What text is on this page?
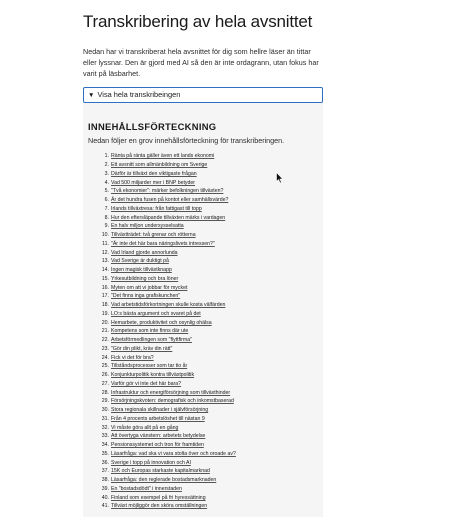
Transkribering av hela avsnittet

Nedan har vi transkriberat hela avsnittet för dig som hellre läser än tittar eller lyssnar. Den är gjord med AI så den är inte ordagrann, utan fokus har varit på läsbarhet.

▼ Visa hela transkribeingen
INNEHÅLLSFÖRTECKNING
Nedan följer en grov innehållsförteckning för transkriberingen.
1. Ränta på ränta gäller även ett lands ekonomi
2. Ett avsnitt som allmänbildning om Sverige
3. Därför är tillväxt den viktigaste frågan
4. Vad 500 miljarder mer i BNP betyder
5. "Två ekonomier": märker befolkningen tillväxten?
6. Är det hundra fusen på kontot eller samhällsvärde?
7. Irlands tillväxtresa: från fattigast till topp
8. Hur den eftersläpande tillväxten märks i vardagen
9. En halv miljon undersysselsatta
10. Tillväxtträdet: två grenar och rötterna
11. "Är inte det här bara näringslivets intressen?"
12. Vad Irland gjorde annorlunda
13. Vad Sverige är duktigt på
14. Ingen magisk tillväxtknapp
15. Yrkesutbildning och bra löner
16. Myten om att vi jobbar för mycket
17. "Det finns inga grafiskunchen"
18. Vad arbetstidsförkortningen skulle kosta välfärden
19. LO:s bästa argument och svaret på det
20. Hemarbete, produktivitet och osynlig ohälsa
21. Kompetens som inte finns där ute
22. Arbetsförmedlingen som "flyttfirma"
23. "Gör din plikt, kräv din rätt"
24. Fick vi det för bra?
25. Tillståndsprocesser som tar tio år
26. Konjunkturpolitik kontra tillväxtpolitik
27. Varför gör vi inte det här bara?
28. Infrastruktur och energiförsörjning som tillväxthinder
29. Försörjningskvoten: demografisk och inkomstbaserad
30. Stora regionala skillnader i självförsörjning
31. Från 4 procents arbetslöshet till nästan 9
32. Vi måste göra allt på en gång
33. Att övertyga vänstern: arbetets betydelse
34. Pensionssystemet och tron för framtiden
35. Läsarfråga: vad ska vi vara stolta över och oroade av?
36. Sverige i topp på innovation och AI
37. 15K och Europas starkaste kapitalmarknad
38. Läsarfråga: den reglerade bostadsmarknaden
39. En "bostadsdödt" i innerstaden
40. Finland som exempel på fri hyressättning
41. Tillväxt möjliggör den sköra omställningen
